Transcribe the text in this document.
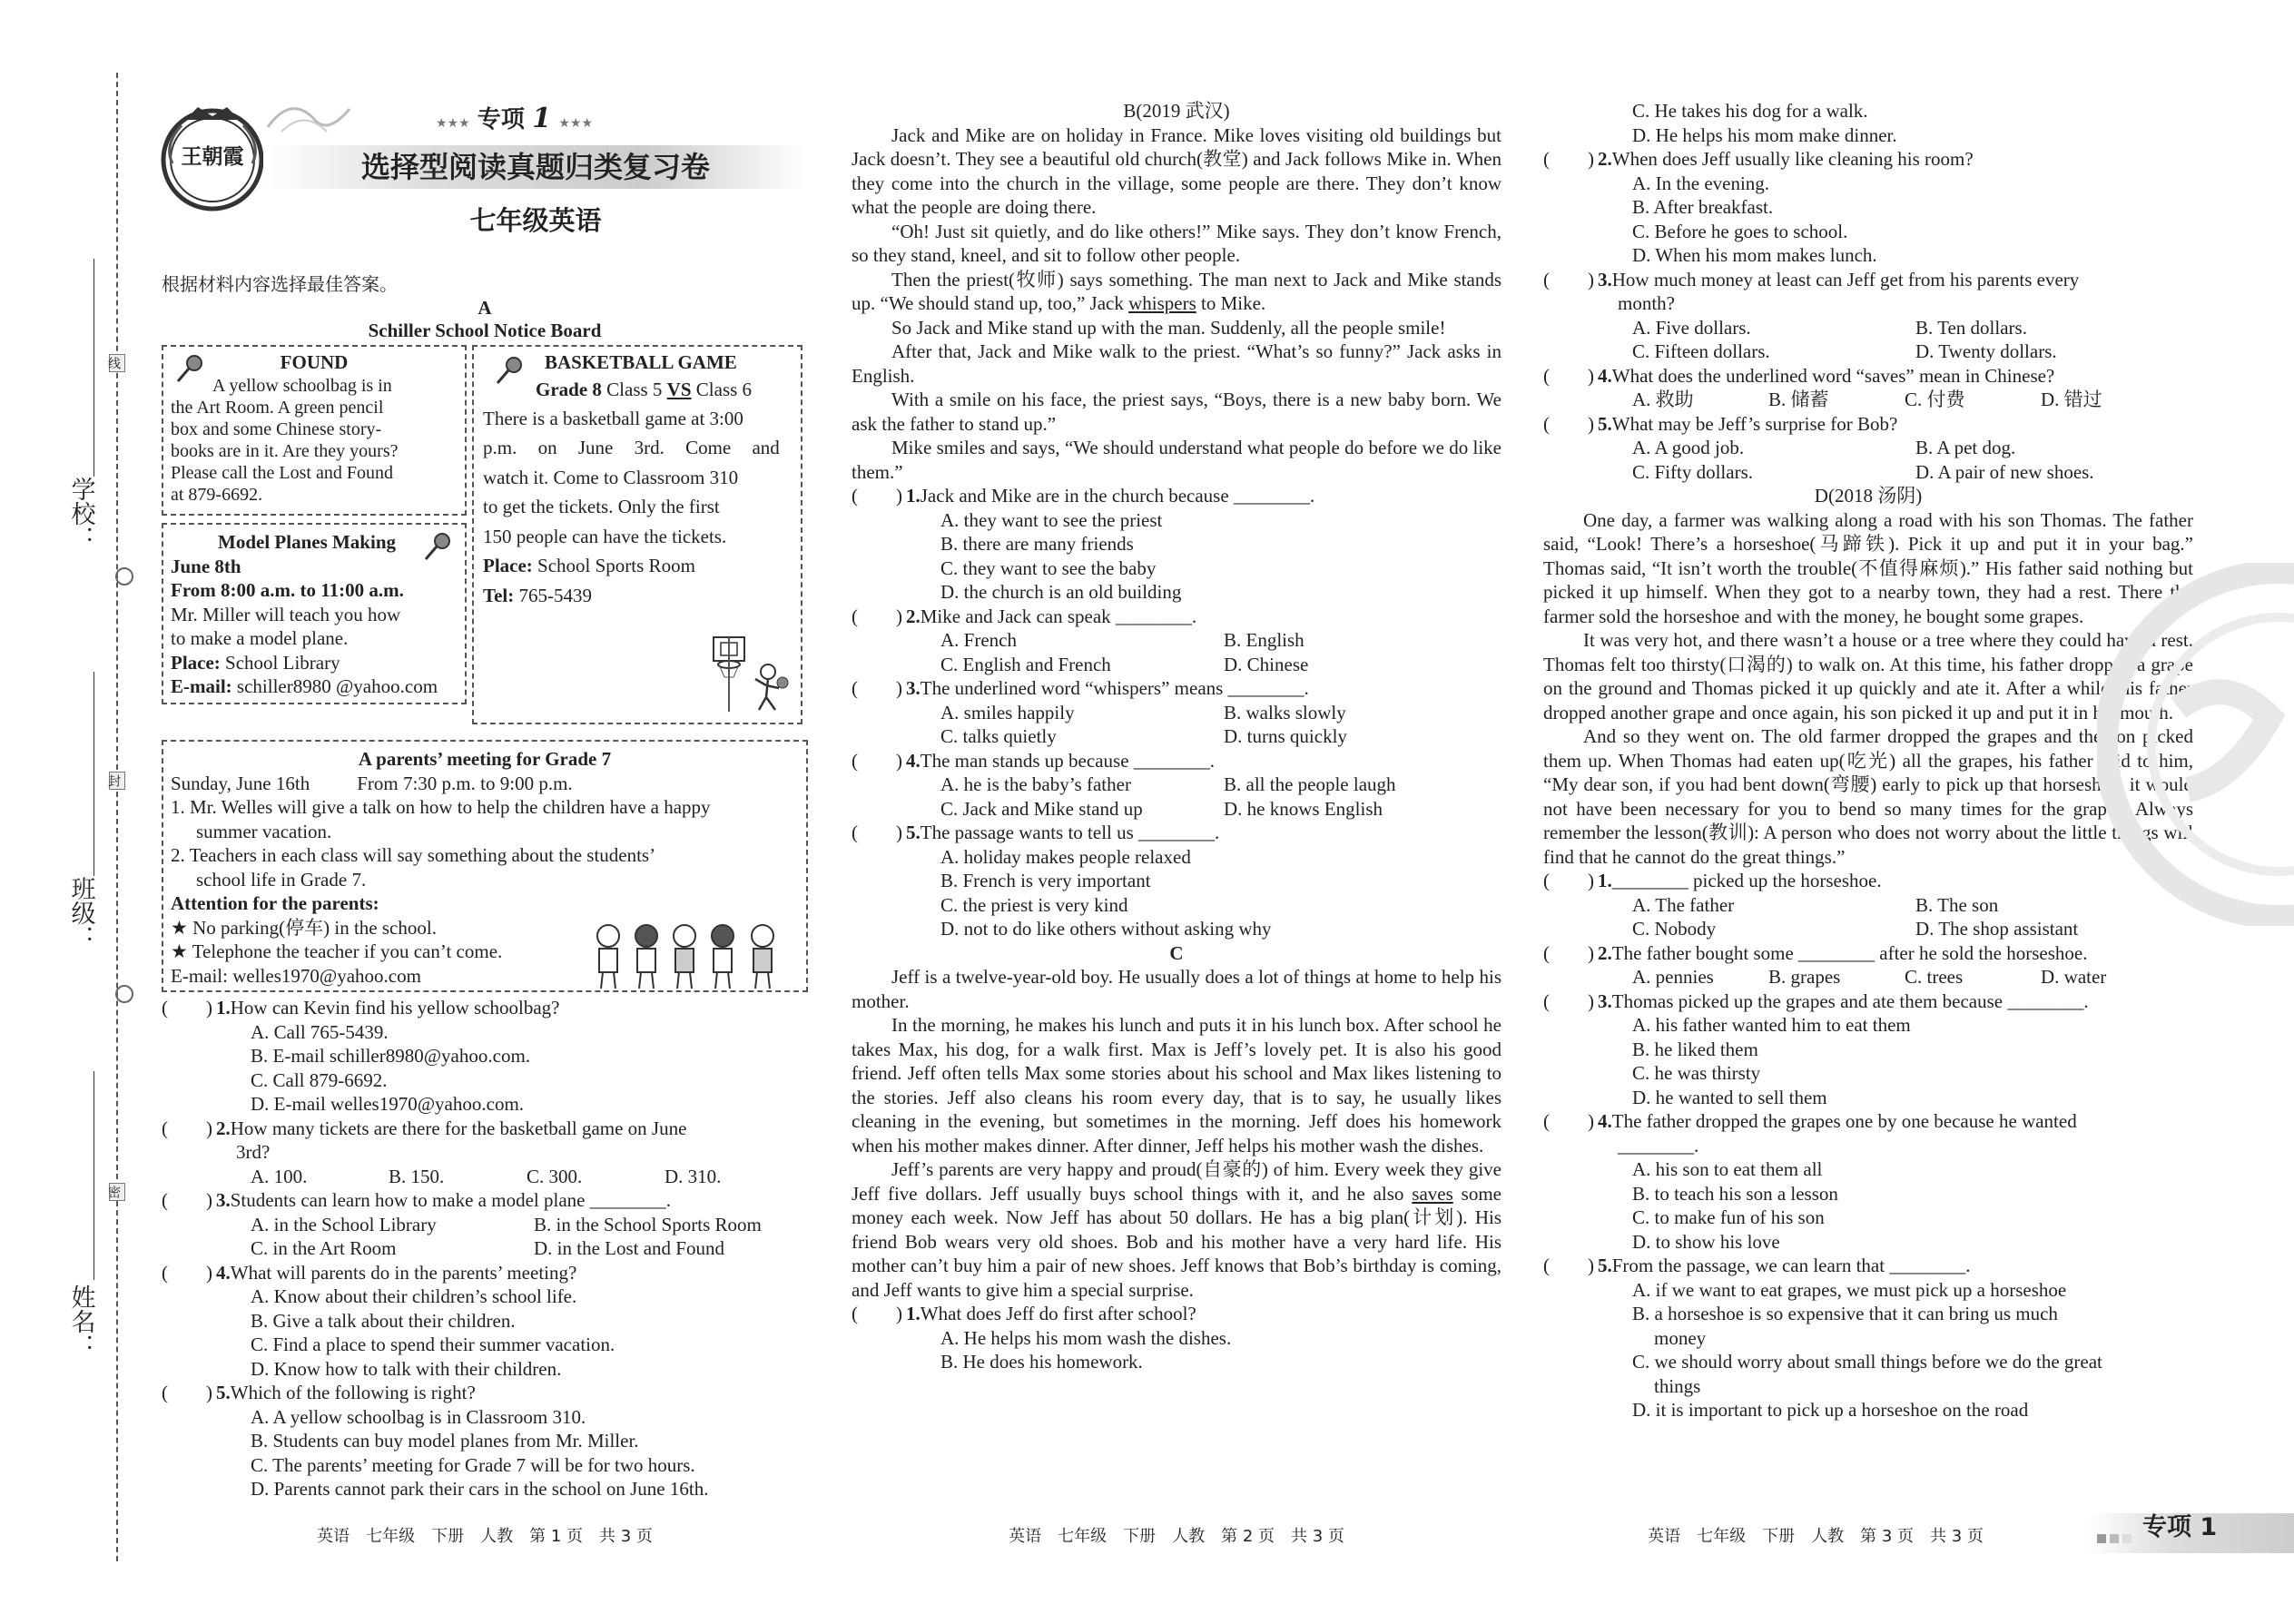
学校：
班级：
姓名：
线
封
密
王朝霞
★★★ 专项 1 ★★★
选择型阅读真题归类复习卷
七年级英语
根据材料内容选择最佳答案。
A
Schiller School Notice Board
FOUND
A yellow schoolbag is in
the Art Room. A green pencil
box and some Chinese story-
books are in it. Are they yours?
Please call the Lost and Found
at 879-6692.
BASKETBALL GAME
Grade 8 Class 5 VS Class 6
There is a basketball game at 3:00
p.m. on June 3rd. Come and
watch it. Come to Classroom 310
to get the tickets. Only the first
150 people can have the tickets.
Place: School Sports Room
Tel: 765-5439
Model Planes Making
June 8th
From 8:00 a.m. to 11:00 a.m.
Mr. Miller will teach you how
to make a model plane.
Place: School Library
E-mail: schiller8980 @yahoo.com
A parents’ meeting for Grade 7
Sunday, June 16th From 7:30 p.m. to 9:00 p.m.
1. Mr. Welles will give a talk on how to help the children have a happy
summer vacation.
2. Teachers in each class will say something about the students’
school life in Grade 7.
Attention for the parents:
★ No parking(停车) in the school.
★ Telephone the teacher if you can’t come.
E-mail: welles1970@yahoo.com
(　　) 1. How can Kevin find his yellow schoolbag?
A. Call 765-5439.
B. E-mail schiller8980@yahoo.com.
C. Call 879-6692.
D. E-mail welles1970@yahoo.com.
(　　) 2. How many tickets are there for the basketball game on June
3rd?
A. 100.	B. 150.	C. 300.	D. 310.
(　　) 3. Students can learn how to make a model plane ________.
A. in the School Library	B. in the School Sports Room
C. in the Art Room	D. in the Lost and Found
(　　) 4. What will parents do in the parents’ meeting?
A. Know about their children’s school life.
B. Give a talk about their children.
C. Find a place to spend their summer vacation.
D. Know how to talk with their children.
(　　) 5. Which of the following is right?
A. A yellow schoolbag is in Classroom 310.
B. Students can buy model planes from Mr. Miller.
C. The parents’ meeting for Grade 7 will be for two hours.
D. Parents cannot park their cars in the school on June 16th.
B(2019 武汉)

Jack and Mike are on holiday in France. Mike loves visiting old buildings but Jack doesn’t. They see a beautiful old church(教堂) and Jack follows Mike in. When they come into the church in the village, some people are there. They don’t know what the people are doing there.

“Oh! Just sit quietly, and do like others!” Mike says. They don’t know French, so they stand, kneel, and sit to follow other people.

Then the priest(牧师) says something. The man next to Jack and Mike stands up. “We should stand up, too,” Jack whispers to Mike.

So Jack and Mike stand up with the man. Suddenly, all the people smile!

After that, Jack and Mike walk to the priest. “What’s so funny?” Jack asks in English.

With a smile on his face, the priest says, “Boys, there is a new baby born. We ask the father to stand up.”

Mike smiles and says, “We should understand what people do before we do like them.”

(　　) 1. Jack and Mike are in the church because ________.
A. they want to see the priest
B. there are many friends
C. they want to see the baby
D. the church is an old building
(　　) 2. Mike and Jack can speak ________.
A. French	B. English
C. English and French	D. Chinese
(　　) 3. The underlined word “whispers” means ________.
A. smiles happily	B. walks slowly
C. talks quietly	D. turns quickly
(　　) 4. The man stands up because ________.
A. he is the baby’s father	B. all the people laugh
C. Jack and Mike stand up	D. he knows English
(　　) 5. The passage wants to tell us ________.
A. holiday makes people relaxed
B. French is very important
C. the priest is very kind
D. not to do like others without asking why
C

Jeff is a twelve-year-old boy. He usually does a lot of things at home to help his mother.

In the morning, he makes his lunch and puts it in his lunch box. After school he takes Max, his dog, for a walk first. Max is Jeff’s lovely pet. It is also his good friend. Jeff often tells Max some stories about his school and Max likes listening to the stories. Jeff also cleans his room every day, that is to say, he usually likes cleaning in the evening, but sometimes in the morning. Jeff does his homework when his mother makes dinner. After dinner, Jeff helps his mother wash the dishes.

Jeff’s parents are very happy and proud(自豪的) of him. Every week they give Jeff five dollars. Jeff usually buys school things with it, and he also saves some money each week. Now Jeff has about 50 dollars. He has a big plan(计划). His friend Bob wears very old shoes. Bob and his mother have a very hard life. His mother can’t buy him a pair of new shoes. Jeff knows that Bob’s birthday is coming, and Jeff wants to give him a special surprise.

(　　) 1. What does Jeff do first after school?
A. He helps his mom wash the dishes.
B. He does his homework.
C. He takes his dog for a walk.
D. He helps his mom make dinner.
(　　) 2. When does Jeff usually like cleaning his room?
A. In the evening.
B. After breakfast.
C. Before he goes to school.
D. When his mom makes lunch.
(　　) 3. How much money at least can Jeff get from his parents every
month?
A. Five dollars.	B. Ten dollars.
C. Fifteen dollars.	D. Twenty dollars.
(　　) 4. What does the underlined word “saves” mean in Chinese?
A. 救助	B. 储蓄	C. 付费	D. 错过
(　　) 5. What may be Jeff’s surprise for Bob?
A. A good job.	B. A pet dog.
C. Fifty dollars.	D. A pair of new shoes.
D(2018 汤阴)

One day, a farmer was walking along a road with his son Thomas. The father said, “Look! There’s a horseshoe(马蹄铁). Pick it up and put it in your bag.” Thomas said, “It isn’t worth the trouble(不值得麻烦).” His father said nothing but picked it up himself. When they got to a nearby town, they had a rest. There the farmer sold the horseshoe and with the money, he bought some grapes.

It was very hot, and there wasn’t a house or a tree where they could have a rest. Thomas felt too thirsty(口渴的) to walk on. At this time, his father dropped a grape on the ground and Thomas picked it up quickly and ate it. After a while, his father dropped another grape and once again, his son picked it up and put it in his mouth.

And so they went on. The old farmer dropped the grapes and the son picked them up. When Thomas had eaten up(吃光) all the grapes, his father said to him, “My dear son, if you had bent down(弯腰) early to pick up that horseshoe, it would not have been necessary for you to bend so many times for the grapes. Always remember the lesson(教训): A person who does not worry about the little things will find that he cannot do the great things.”

(　　) 1. ________ picked up the horseshoe.
A. The father	B. The son
C. Nobody	D. The shop assistant
(　　) 2. The father bought some ________ after he sold the horseshoe.
A. pennies	B. grapes	C. trees	D. water
(　　) 3. Thomas picked up the grapes and ate them because ________.
A. his father wanted him to eat them
B. he liked them
C. he was thirsty
D. he wanted to sell them
(　　) 4. The father dropped the grapes one by one because he wanted
________.
A. his son to eat them all
B. to teach his son a lesson
C. to make fun of his son
D. to show his love
(　　) 5. From the passage, we can learn that ________.
A. if we want to eat grapes, we must pick up a horseshoe
B. a horseshoe is so expensive that it can bring us much
money
C. we should worry about small things before we do the great
things
D. it is important to pick up a horseshoe on the road
英语　七年级　下册　人教　第 1 页　共 3 页	英语　七年级　下册　人教　第 2 页　共 3 页	英语　七年级　下册　人教　第 3 页　共 3 页	专项 1
